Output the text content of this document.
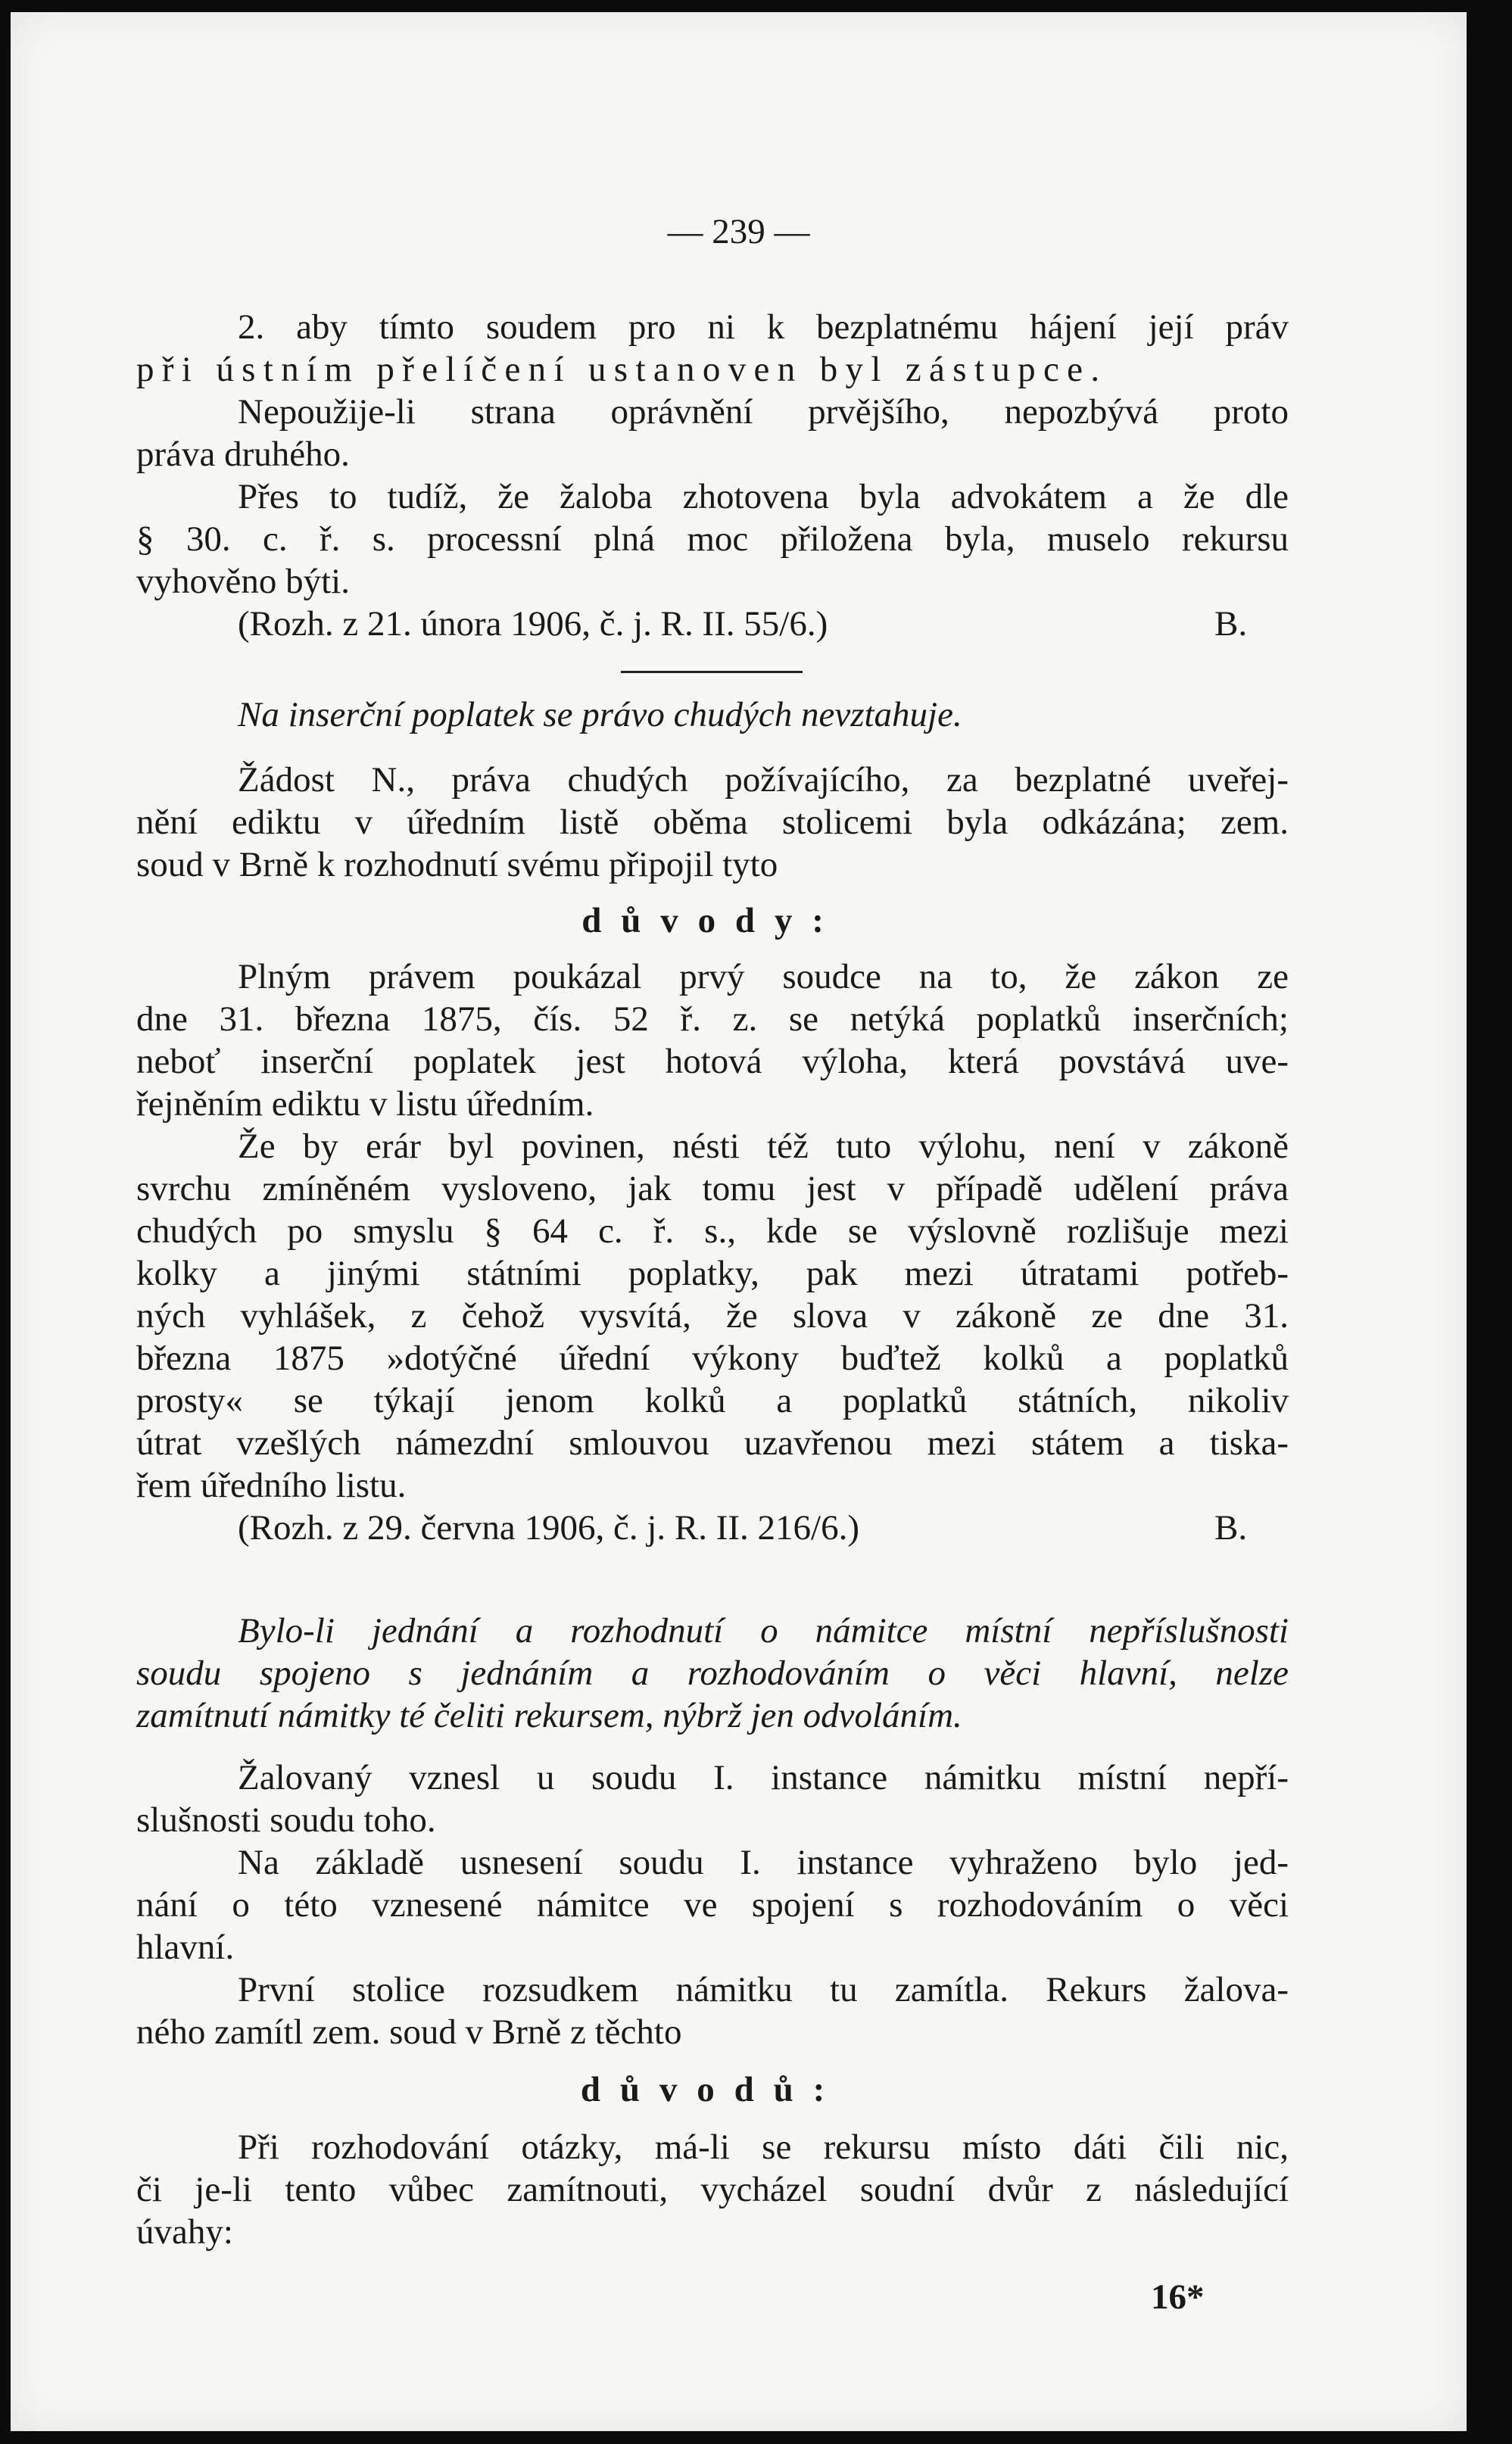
— 239 —
2. aby tímto soudem pro ni k bezplatnému hájení její práv
při ústním přelíčení ustanoven byl zástupce.
Nepoužije-li strana oprávnění prvějšího, nepozbývá proto
práva druhého.
Přes to tudíž, že žaloba zhotovena byla advokátem a že dle
§ 30. c. ř. s. processní plná moc přiložena byla, muselo rekursu
vyhověno býti.
(Rozh. z 21. února 1906, č. j. R. II. 55/6.)	B.
Na inserční poplatek se právo chudých nevztahuje.
Žádost N., práva chudých požívajícího, za bezplatné uveřej-
nění ediktu v úředním listě oběma stolicemi byla odkázána; zem.
soud v Brně k rozhodnutí svému připojil tyto
důvody:
Plným právem poukázal prvý soudce na to, že zákon ze
dne 31. března 1875, čís. 52 ř. z. se netýká poplatků inserčních;
neboť inserční poplatek jest hotová výloha, která povstává uve-
řejněním ediktu v listu úředním.
Že by erár byl povinen, nésti též tuto výlohu, není v zákoně
svrchu zmíněném vysloveno, jak tomu jest v případě udělení práva
chudých po smyslu § 64 c. ř. s., kde se výslovně rozlišuje mezi
kolky a jinými státními poplatky, pak mezi útratami potřeb-
ných vyhlášek, z čehož vysvítá, že slova v zákoně ze dne 31.
března 1875 »dotýčné úřední výkony buďtež kolků a poplatků
prosty« se týkají jenom kolků a poplatků státních, nikoliv
útrat vzešlých námezdní smlouvou uzavřenou mezi státem a tiska-
řem úředního listu.
(Rozh. z 29. června 1906, č. j. R. II. 216/6.)	B.
Bylo-li jednání a rozhodnutí o námitce místní nepříslušnosti
soudu spojeno s jednáním a rozhodováním o věci hlavní, nelze
zamítnutí námitky té čeliti rekursem, nýbrž jen odvoláním.
Žalovaný vznesl u soudu I. instance námitku místní nepří-
slušnosti soudu toho.
Na základě usnesení soudu I. instance vyhraženo bylo jed-
nání o této vznesené námitce ve spojení s rozhodováním o věci
hlavní.
První stolice rozsudkem námitku tu zamítla. Rekurs žalova-
ného zamítl zem. soud v Brně z těchto
důvodů:
Při rozhodování otázky, má-li se rekursu místo dáti čili nic,
či je-li tento vůbec zamítnouti, vycházel soudní dvůr z následující
úvahy:
16*
